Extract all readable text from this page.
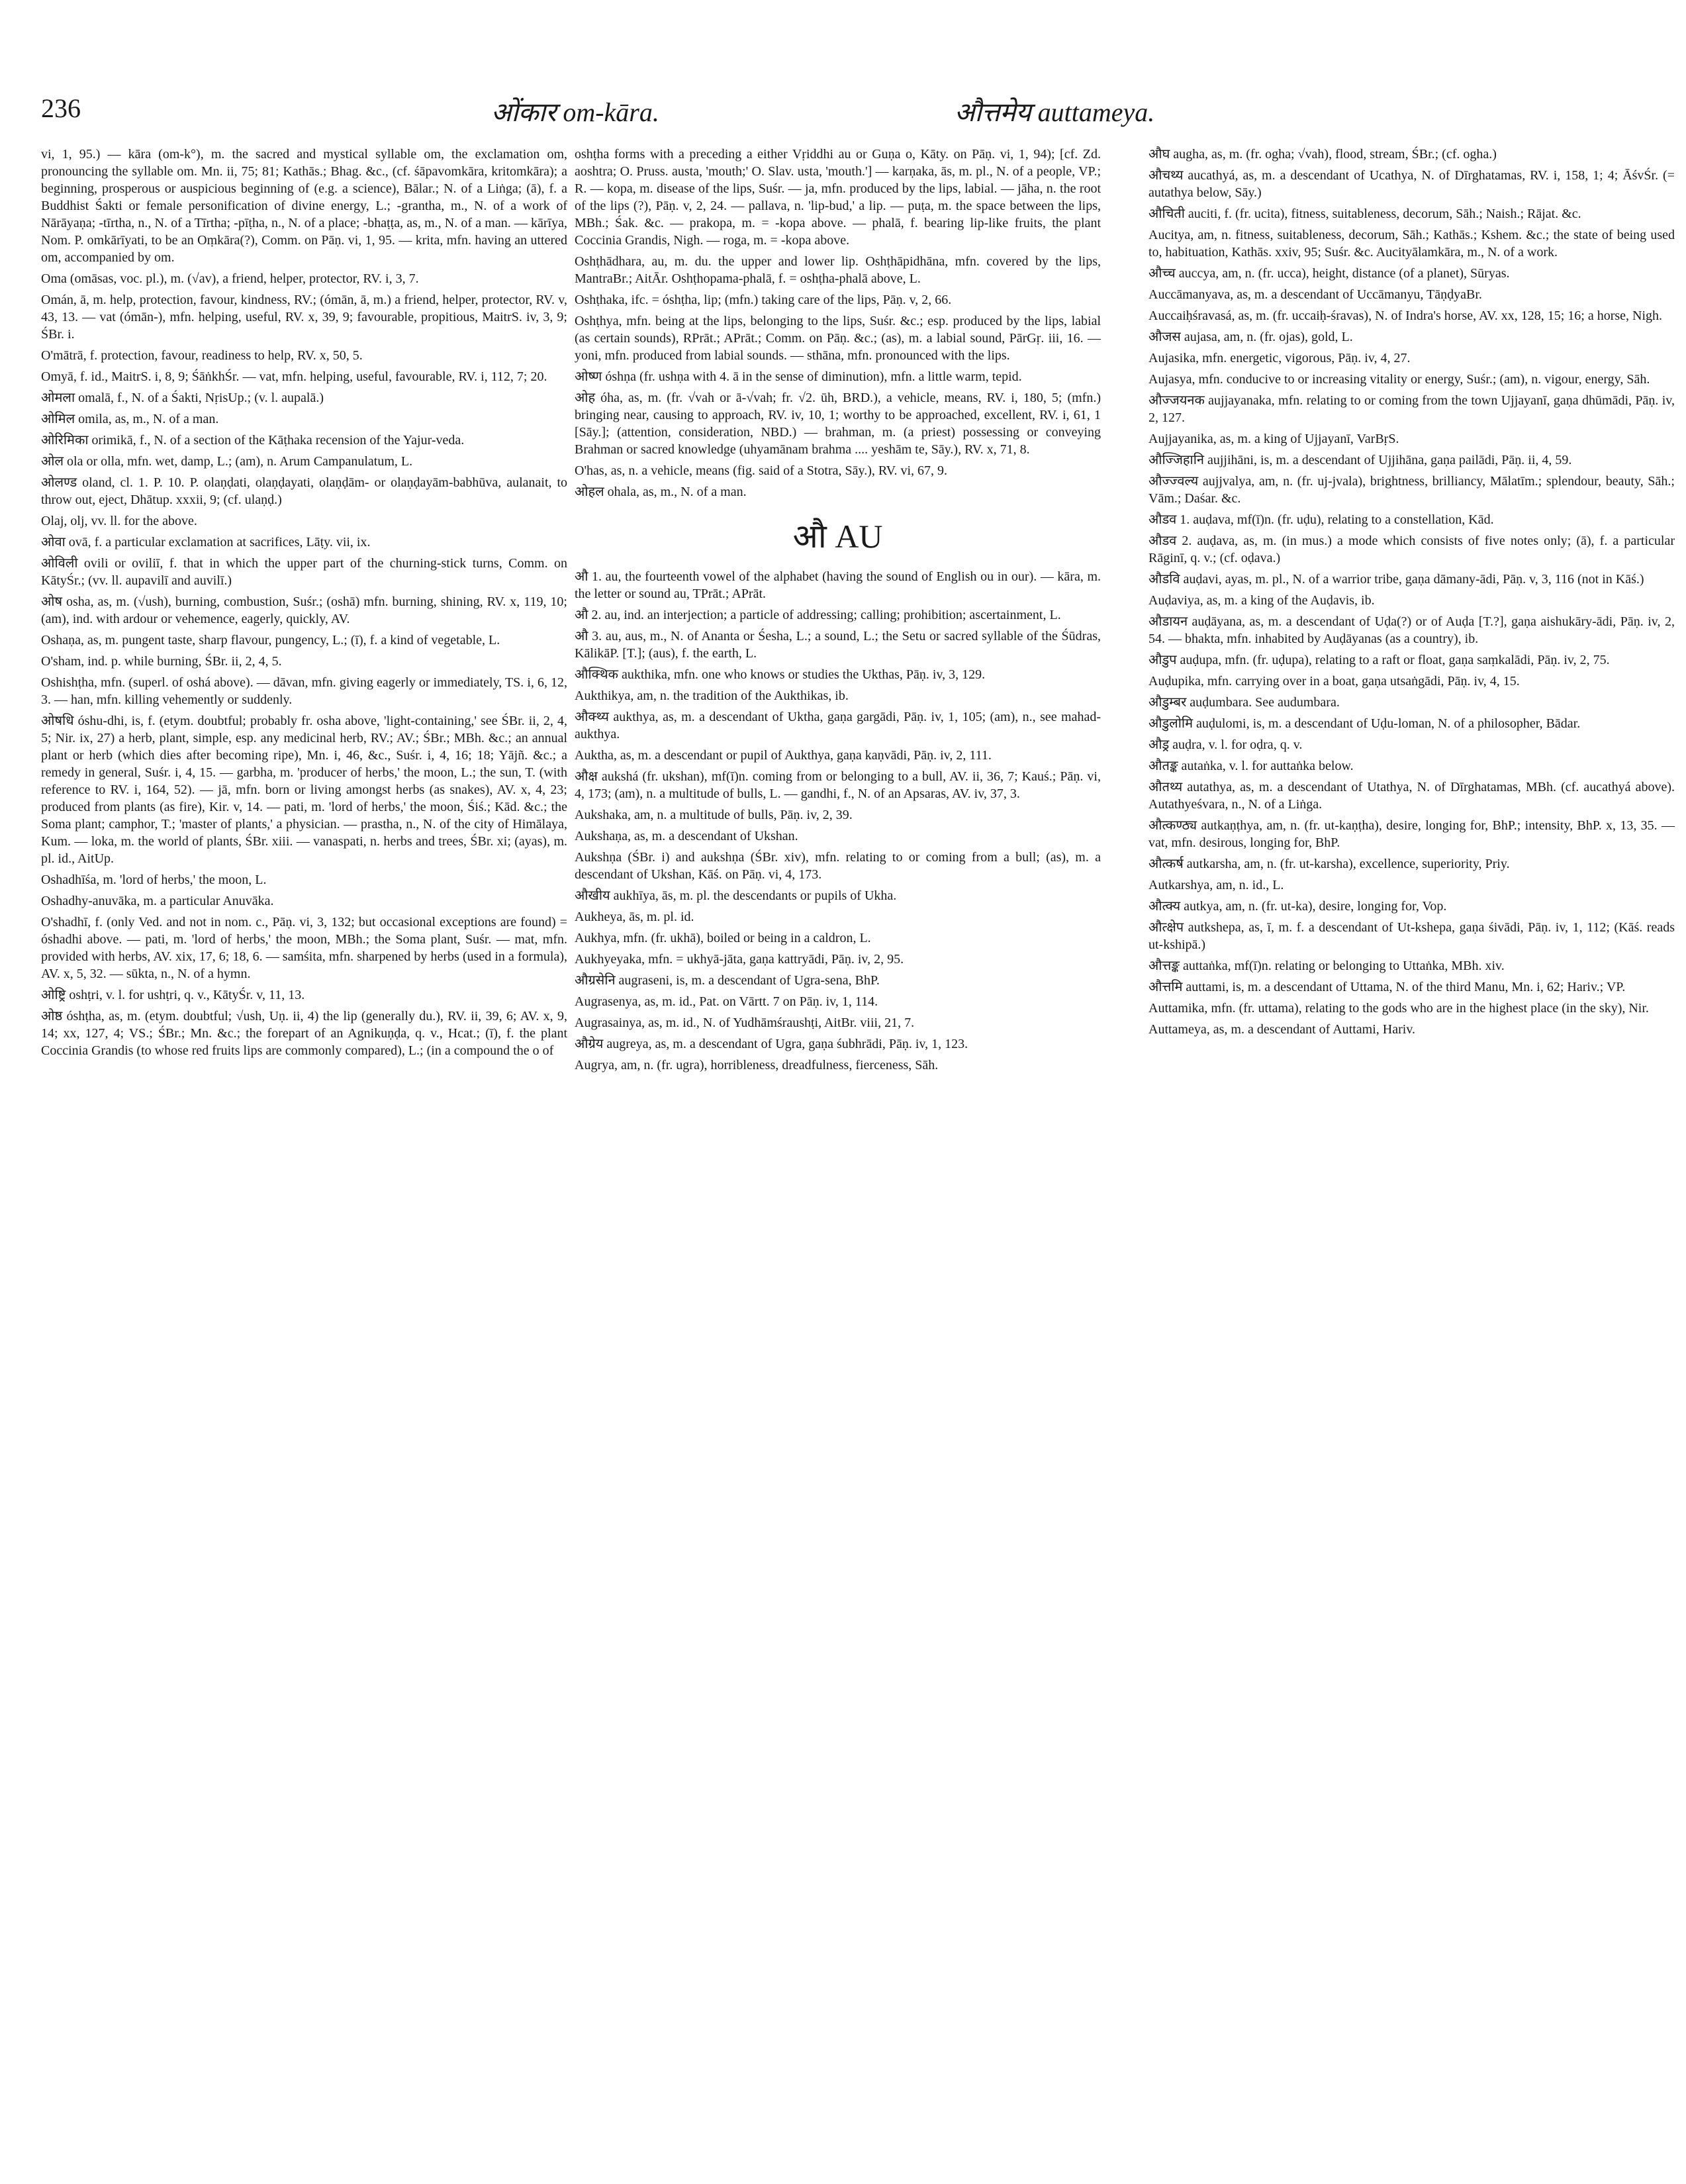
236	ओंकार om-kāra.	औत्तमेय auttameya.
vi, 1, 95.) — kāra (om-k°), m. the sacred and mystical syllable om, the exclamation om, pronouncing the syllable om. Mn. ii, 75; 81; Kathās.; Bhag. &c., (cf. śāpavomkāra, kritomkāra); a beginning, prosperous or auspicious beginning of (e.g. a science), Bālar.; N. of a Liṅga; (ā), f. a Buddhist Śakti or female personification of divine energy, L.; -grantha, m., N. of a work of Nārāyaṇa; -tīrtha, n., N. of a Tīrtha; -pīṭha, n., N. of a place; -bhaṭṭa, as, m., N. of a man. — kārīya, Nom. P. omkārīyati, to be an Oṃkāra(?), Comm. on Pāṇ. vi, 1, 95. — krita, mfn. having an uttered om, accompanied by om.
Oma (omāsas, voc. pl.), m. (√av), a friend, helper, protector, RV. i, 3, 7.
Omán, ā, m. help, protection, favour, kindness, RV.; (ómān, ā, m.) a friend, helper, protector, RV. v, 43, 13. — vat (ómān-), mfn. helping, useful, RV. x, 39, 9; favourable, propitious, MaitrS. iv, 3, 9; ŚBr. i.
O'mātrā, f. protection, favour, readiness to help, RV. x, 50, 5.
Omyā, f. id., MaitrS. i, 8, 9; ŚāṅkhŚr. — vat, mfn. helping, useful, favourable, RV. i, 112, 7; 20.
ओमला omalā, f., N. of a Śakti, NṛisUp.; (v. l. aupalā.)
ओमिल omila, as, m., N. of a man.
ओरिमिका orimikā, f., N. of a section of the Kāṭhaka recension of the Yajur-veda.
ओल ola or olla, mfn. wet, damp, L.; (am), n. Arum Campanulatum, L.
ओलण्ड oland, cl. 1. P. 10. P. olaṇḍati, olaṇḍayati, olaṇḍām- or olaṇḍayām-babhūva, aulanait, to throw out, eject, Dhātup. xxxii, 9; (cf. ulaṇḍ.)
Olaj, olj, vv. ll. for the above.
ओवा ovā, f. a particular exclamation at sacrifices, Lāṭy. vii, ix.
ओविली ovili or oviliī, f. that in which the upper part of the churning-stick turns, Comm. on KātyŚr.; (vv. ll. aupavilī and auvilī.)
ओष osha, as, m. (√ush), burning, combustion, Suśr.; (oshā) mfn. burning, shining, RV. x, 119, 10; (am), ind. with ardour or vehemence, eagerly, quickly, AV.
Oshaṇa, as, m. pungent taste, sharp flavour, pungency, L.; (ī), f. a kind of vegetable, L.
O'sham, ind. p. while burning, ŚBr. ii, 2, 4, 5.
Oshishṭha, mfn. (superl. of oshá above). — dāvan, mfn. giving eagerly or immediately, TS. i, 6, 12, 3. — han, mfn. killing vehemently or suddenly.
ओषधि óshu-dhi, is, f. (etym. doubtful; probably fr. osha above, 'light-containing,' see ŚBr. ii, 2, 4, 5; Nir. ix, 27) a herb, plant, simple, esp. any medicinal herb, RV.; AV.; ŚBr.; MBh. &c.; an annual plant or herb (which dies after becoming ripe), Mn. i, 46, &c., Suśr. i, 4, 16; 18; Yājñ. &c.; a remedy in general, Suśr. i, 4, 15. — garbha, m. 'producer of herbs,' the moon, L.; the sun, T. (with reference to RV. i, 164, 52). — jā, mfn. born or living amongst herbs (as snakes), AV. x, 4, 23; produced from plants (as fire), Kir. v, 14. — pati, m. 'lord of herbs,' the moon, Śiś.; Kād. &c.; the Soma plant; camphor, T.; 'master of plants,' a physician. — prastha, n., N. of the city of Himālaya, Kum. — loka, m. the world of plants, ŚBr. xiii. — vanaspati, n. herbs and trees, ŚBr. xi; (ayas), m. pl. id., AitUp.
Oshadhīśa, m. 'lord of herbs,' the moon, L.
Oshadhy-anuvāka, m. a particular Anuvāka.
O'shadhī, f. (only Ved. and not in nom. c., Pāṇ. vi, 3, 132; but occasional exceptions are found) = óshadhi above. — pati, m. 'lord of herbs,' the moon, MBh.; the Soma plant, Suśr. — mat, mfn. provided with herbs, AV. xix, 17, 6; 18, 6. — samśita, mfn. sharpened by herbs (used in a formula), AV. x, 5, 32. — sūkta, n., N. of a hymn.
ओष्ट्रि oshṭri, v. l. for ushṭri, q. v., KātyŚr. v, 11, 13.
ओष्ठ óshṭha, as, m. (etym. doubtful; √ush, Uṇ. ii, 4) the lip (generally du.), RV. ii, 39, 6; AV. x, 9, 14; xx, 127, 4; VS.; ŚBr.; Mn. &c.; the forepart of an Agnikuṇḍa, q. v., Hcat.; (ī), f. the plant Coccinia Grandis (to whose red fruits lips are commonly compared), L.; (in a compound the o of
oshṭha forms with a preceding a either Vṛiddhi au or Guṇa o, Kāty. on Pāṇ. vi, 1, 94); [cf. Zd. aoshtra; O. Pruss. austa, 'mouth;' O. Slav. usta, 'mouth.'] — karṇaka, ās, m. pl., N. of a people, VP.; R. — kopa, m. disease of the lips, Suśr. — ja, mfn. produced by the lips, labial. — jāha, n. the root of the lips (?), Pāṇ. v, 2, 24. — pallava, n. 'lip-bud,' a lip. — puṭa, m. the space between the lips, MBh.; Śak. &c. — prakopa, m. = -kopa above. — phalā, f. bearing lip-like fruits, the plant Coccinia Grandis, Nigh. — roga, m. = -kopa above.
Oshṭhādhara, au, m. du. the upper and lower lip. Oshṭhāpidhāna, mfn. covered by the lips, MantraBr.; AitĀr. Oshṭhopama-phalā, f. = oshṭha-phalā above, L.
Oshṭhaka, ifc. = óshṭha, lip; (mfn.) taking care of the lips, Pāṇ. v, 2, 66.
Oshṭhya, mfn. being at the lips, belonging to the lips, Suśr. &c.; esp. produced by the lips, labial (as certain sounds), RPrāt.; APrāt.; Comm. on Pāṇ. &c.; (as), m. a labial sound, PārGṛ. iii, 16. — yoni, mfn. produced from labial sounds. — sthāna, mfn. pronounced with the lips.
ओष्ण óshṇa (fr. ushṇa with 4. ā in the sense of diminution), mfn. a little warm, tepid.
ओह óha, as, m. (fr. √vah or ā-√vah; fr. √2. ūh, BRD.), a vehicle, means, RV. i, 180, 5; (mfn.) bringing near, causing to approach, RV. iv, 10, 1; worthy to be approached, excellent, RV. i, 61, 1 [Sāy.]; (attention, consideration, NBD.) — brahman, m. (a priest) possessing or conveying Brahman or sacred knowledge (uhyamānam brahma .... yeshām te, Sāy.), RV. x, 71, 8.
O'has, as, n. a vehicle, means (fig. said of a Stotra, Sāy.), RV. vi, 67, 9.
ओहल ohala, as, m., N. of a man.
औ AU
औ 1. au, the fourteenth vowel of the alphabet (having the sound of English ou in our). — kāra, m. the letter or sound au, TPrāt.; APrāt.
औ 2. au, ind. an interjection; a particle of addressing; calling; prohibition; ascertainment, L.
औ 3. au, aus, m., N. of Ananta or Śesha, L.; a sound, L.; the Setu or sacred syllable of the Śūdras, KālikāP. [T.]; (aus), f. the earth, L.
औक्थिक aukthika, mfn. one who knows or studies the Ukthas, Pāṇ. iv, 3, 129.
Aukthikya, am, n. the tradition of the Aukthikas, ib.
औक्थ्य aukthya, as, m. a descendant of Uktha, gaṇa gargādi, Pāṇ. iv, 1, 105; (am), n., see mahad-aukthya.
Auktha, as, m. a descendant or pupil of Aukthya, gaṇa kaṇvādi, Pāṇ. iv, 2, 111.
औक्ष aukshá (fr. ukshan), mf(ī)n. coming from or belonging to a bull, AV. ii, 36, 7; Kauś.; Pāṇ. vi, 4, 173; (am), n. a multitude of bulls, L. — gandhi, f., N. of an Apsaras, AV. iv, 37, 3.
Aukshaka, am, n. a multitude of bulls, Pāṇ. iv, 2, 39.
Aukshaṇa, as, m. a descendant of Ukshan.
Aukshṇa (ŚBr. i) and aukshṇa (ŚBr. xiv), mfn. relating to or coming from a bull; (as), m. a descendant of Ukshan, Kāś. on Pāṇ. vi, 4, 173.
औखीय aukhīya, ās, m. pl. the descendants or pupils of Ukha.
Aukheya, ās, m. pl. id.
Aukhya, mfn. (fr. ukhā), boiled or being in a caldron, L.
Aukhyeyaka, mfn. = ukhyā-jāta, gaṇa kattryādi, Pāṇ. iv, 2, 95.
औग्रसेनि augraseni, is, m. a descendant of Ugra-sena, BhP.
Augrasenya, as, m. id., Pat. on Vārtt. 7 on Pāṇ. iv, 1, 114.
Augrasainya, as, m. id., N. of Yudhāmśraushṭi, AitBr. viii, 21, 7.
औग्रेय augreya, as, m. a descendant of Ugra, gaṇa śubhrādi, Pāṇ. iv, 1, 123.
Augrya, am, n. (fr. ugra), horribleness, dreadfulness, fierceness, Sāh.
औघ augha, as, m. (fr. ogha; √vah), flood, stream, ŚBr.; (cf. ogha.)
औचथ्य aucathyá, as, m. a descendant of Ucathya, N. of Dīrghatamas, RV. i, 158, 1; 4; ĀśvŚr. (= autathya below, Sāy.)
औचिती auciti, f. (fr. ucita), fitness, suitableness, decorum, Sāh.; Naish.; Rājat. &c.
Aucitya, am, n. fitness, suitableness, decorum, Sāh.; Kathās.; Kshem. &c.; the state of being used to, habituation, Kathās. xxiv, 95; Suśr. &c. Aucityālamkāra, m., N. of a work.
औच्च auccya, am, n. (fr. ucca), height, distance (of a planet), Sūryas.
Auccāmanyava, as, m. a descendant of Uccāmanyu, TāṇḍyaBr.
Auccaiḥśravasá, as, m. (fr. uccaiḥ-śravas), N. of Indra's horse, AV. xx, 128, 15; 16; a horse, Nigh.
औजस aujasa, am, n. (fr. ojas), gold, L.
Aujasika, mfn. energetic, vigorous, Pāṇ. iv, 4, 27.
Aujasya, mfn. conducive to or increasing vitality or energy, Suśr.; (am), n. vigour, energy, Sāh.
औज्जयनक aujjayanaka, mfn. relating to or coming from the town Ujjayanī, gaṇa dhūmādi, Pāṇ. iv, 2, 127.
Aujjayanika, as, m. a king of Ujjayanī, VarBṛS.
औज्जिहानि aujjihāni, is, m. a descendant of Ujjihāna, gaṇa pailādi, Pāṇ. ii, 4, 59.
औज्ज्वल्य aujjvalya, am, n. (fr. uj-jvala), brightness, brilliancy, Mālatīm.; splendour, beauty, Sāh.; Vām.; Daśar. &c.
औडव 1. auḍava, mf(ī)n. (fr. uḍu), relating to a constellation, Kād.
औडव 2. auḍava, as, m. (in mus.) a mode which consists of five notes only; (ā), f. a particular Rāginī, q. v.; (cf. oḍava.)
औडवि auḍavi, ayas, m. pl., N. of a warrior tribe, gaṇa dāmany-ādi, Pāṇ. v, 3, 116 (not in Kāś.)
Auḍaviya, as, m. a king of the Auḍavis, ib.
औडायन auḍāyana, as, m. a descendant of Uḍa(?) or of Auḍa [T.?], gaṇa aishukāry-ādi, Pāṇ. iv, 2, 54. — bhakta, mfn. inhabited by Auḍāyanas (as a country), ib.
औडुप auḍupa, mfn. (fr. uḍupa), relating to a raft or float, gaṇa saṃkalādi, Pāṇ. iv, 2, 75.
Auḍupika, mfn. carrying over in a boat, gaṇa utsaṅgādi, Pāṇ. iv, 4, 15.
औडुम्बर auḍumbara. See audumbara.
औडुलोमि auḍulomi, is, m. a descendant of Uḍu-loman, N. of a philosopher, Bādar.
औड्र auḍra, v. l. for oḍra, q. v.
औतङ्क autaṅka, v. l. for auttaṅka below.
औतथ्य autathya, as, m. a descendant of Utathya, N. of Dīrghatamas, MBh. (cf. aucathyá above). Autathyeśvara, n., N. of a Liṅga.
औत्कण्ठ्य autkaṇṭhya, am, n. (fr. ut-kaṇṭha), desire, longing for, BhP.; intensity, BhP. x, 13, 35. — vat, mfn. desirous, longing for, BhP.
औत्कर्ष autkarsha, am, n. (fr. ut-karsha), excellence, superiority, Priy.
Autkarshya, am, n. id., L.
औत्क्य autkya, am, n. (fr. ut-ka), desire, longing for, Vop.
औत्क्षेप autkshepa, as, ī, m. f. a descendant of Ut-kshepa, gaṇa śivādi, Pāṇ. iv, 1, 112; (Kāś. reads ut-kshipā.)
औत्तङ्क auttaṅka, mf(ī)n. relating or belonging to Uttaṅka, MBh. xiv.
औत्तमि auttami, is, m. a descendant of Uttama, N. of the third Manu, Mn. i, 62; Hariv.; VP.
Auttamika, mfn. (fr. uttama), relating to the gods who are in the highest place (in the sky), Nir.
Auttameya, as, m. a descendant of Auttami, Hariv.
